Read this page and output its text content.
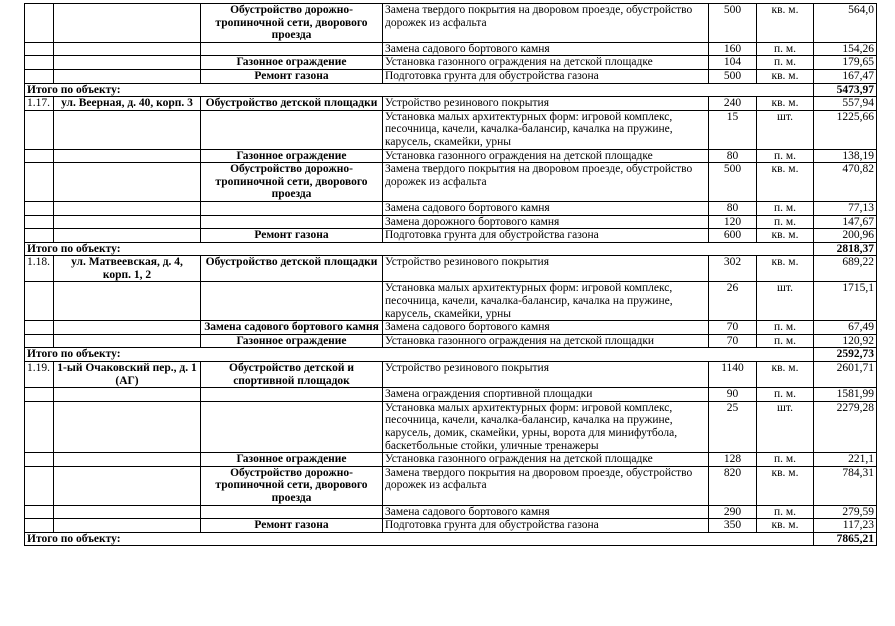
		Обустройство дорожно-тропиночной сети, дворового проезда	Замена твердого покрытия на дворовом проезде, обустройство дорожек из асфальта	500	кв. м.	564,0
			Замена садового бортового камня	160	п. м.	154,26
		Газонное ограждение	Установка газонного ограждения на детской площадке	104	п. м.	179,65
		Ремонт газона	Подготовка грунта для обустройства газона	500	кв. м.	167,47
Итого по объекту:						5473,97
1.17.	ул. Веерная, д. 40, корп. 3	Обустройство детской площадки	Устройство резинового покрытия	240	кв. м.	557,94
			Установка малых архитектурных форм: игровой комплекс, песочница, качели, качалка-балансир, качалка на пружине, карусель, скамейки, урны	15	шт.	1225,66
		Газонное ограждение	Установка газонного ограждения на детской площадке	80	п. м.	138,19
		Обустройство дорожно-тропиночной сети, дворового проезда	Замена твердого покрытия на дворовом проезде, обустройство дорожек из асфальта	500	кв. м.	470,82
			Замена садового бортового камня	80	п. м.	77,13
			Замена дорожного бортового камня	120	п. м.	147,67
		Ремонт газона	Подготовка грунта для обустройства газона	600	кв. м.	200,96
Итого по объекту:						2818,37
1.18.	ул. Матвеевская, д. 4, корп. 1, 2	Обустройство детской площадки	Устройство резинового покрытия	302	кв. м.	689,22
			Установка малых архитектурных форм: игровой комплекс, песочница, качели, качалка-балансир, качалка на пружине, карусель, скамейки, урны	26	шт.	1715,1
		Замена садового бортового камня	Замена садового бортового камня	70	п. м.	67,49
		Газонное ограждение	Установка газонного ограждения на детской площадки	70	п. м.	120,92
Итого по объекту:						2592,73
1.19.	1-ый Очаковский пер., д. 1 (АГ)	Обустройство детской и спортивной площадок	Устройство резинового покрытия	1140	кв. м.	2601,71
			Замена ограждения спортивной площадки	90	п. м.	1581,99
			Установка малых архитектурных форм: игровой комплекс, песочница, качели, качалка-балансир, качалка на пружине, карусель, домик, скамейки, урны, ворота для минифутбола, баскетбольные стойки, уличные тренажеры	25	шт.	2279,28
		Газонное ограждение	Установка газонного ограждения на детской площадке	128	п. м.	221,1
		Обустройство дорожно-тропиночной сети, дворового проезда	Замена твердого покрытия на дворовом проезде, обустройство дорожек из асфальта	820	кв. м.	784,31
			Замена садового бортового камня	290	п. м.	279,59
		Ремонт газона	Подготовка грунта для обустройства газона	350	кв. м.	117,23
Итого по объекту:						7865,21
